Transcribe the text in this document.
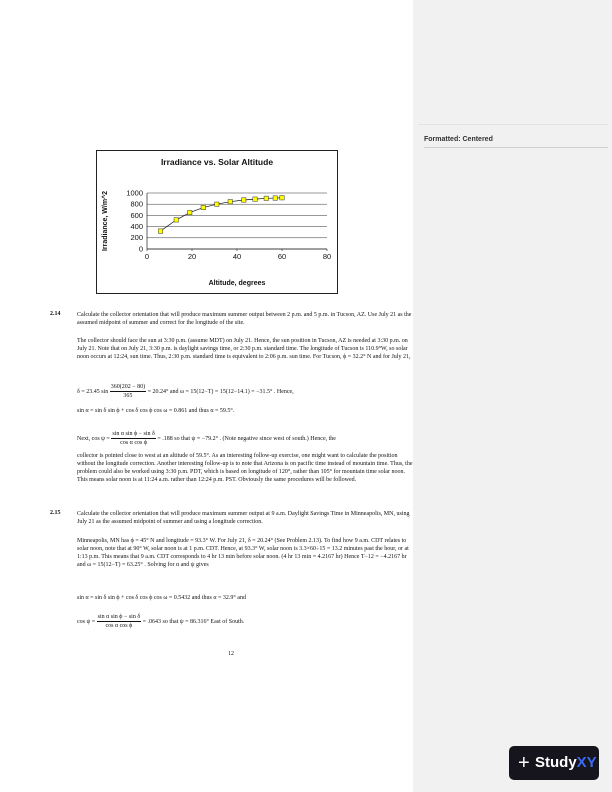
Formatted: Centered
Irradiance vs. Solar Altitude
0
200
400
600
800
1000
0	20	40	60	80
Altitude, degrees
Irradiance, W/m^2
2.14	Calculate the collector orientation that will produce maximum summer output between 2 p.m. and 5 p.m. in Tucson, AZ. Use July 21 as the assumed midpoint of summer and correct for the longitude of the site.

The collector should face the sun at 3:30 p.m. (assume MDT) on July 21. Hence, the sun position in Tucson, AZ is needed at 3:30 p.m. on July 21. Note that on July 21, 3:30 p.m. is daylight savings time, or 2:30 p.m. standard time. The longitude of Tucson is 110.9°W, so solar noon occurs at 12:24, sun time. Thus, 2:30 p.m. standard time is equivalent to 2:06 p.m. sun time. For Tucson, ϕ = 32.2° N and for July 21,

δ = 23.45 $\sin \frac{360(202 - 80)}{365} = 20.24^\circ$ and ω = 15(12−T) = 15(12−14.1) = −31.5° . Hence,
sin α = sin δ sin ϕ + cos δ cos ϕ cos ω = 0.861 and thus α = 59.5°.
Next, $\cos \psi = \frac{\text{sin α sin ϕ − sin δ}}{\text{cos α cos ϕ}} = .188$ so that ψ = −79.2° . (Note negative since west of south.) Hence, the

collector is pointed close to west at an altitude of 59.5°. As an interesting follow-up exercise, one might want to calculate the position without the longitude correction. Another interesting follow-up is to note that Arizona is on pacific time instead of mountain time. Thus, the problem could also be worked using 3:30 p.m. PDT, which is based on longitude of 120°, rather than 105° for mountain time solar noon. This means solar noon is at 11:24 a.m. rather than 12:24 p.m. PST. Obviously the same procedures will be followed.

2.15	Calculate the collector orientation that will produce maximum summer output at 9 a.m. Daylight Savings Time in Minneapolis, MN, using July 21 as the assumed midpoint of summer and using a longitude correction.

Minneapolis, MN has ϕ = 45° N and longitude = 93.3° W. For July 21, δ = 20.24° (See Problem 2.13). To find how 9 a.m. CDT relates to solar noon, note that at 90° W, solar noon is at 1 p.m. CDT. Hence, at 93.3° W, solar noon is 3.3×60÷15 = 13.2 minutes past the hour, or at 1:13 p.m. This means that 9 a.m. CDT corresponds to 4 hr 13 min before solar noon. (4 hr 13 min = 4.2167 hr) Hence T−12 = −4.2167 hr and ω = 15(12−T) = 63.25° . Solving for α and ψ gives

sin α = sin δ sin ϕ + cos δ cos ϕ cos ω = 0.5432 and thus α = 32.9° and
$\cos \psi = \frac{\text{sin α sin ϕ − sin δ}}{\text{cos α cos ϕ}} = .0643$ so that ψ = 86.316° East of South.
12
+ StudyXY
